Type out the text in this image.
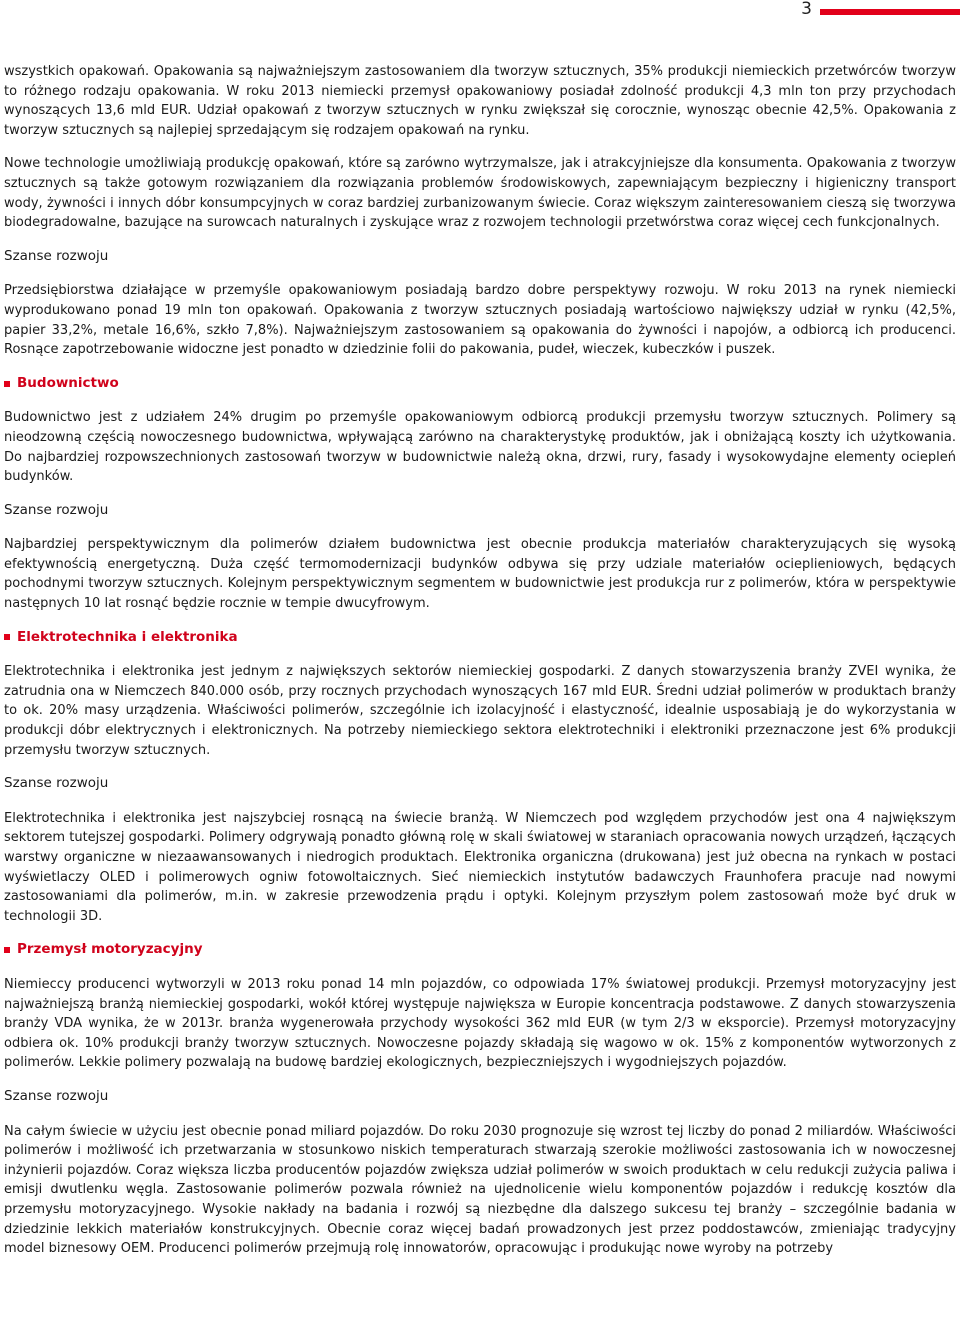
3

wszystkich opakowań. Opakowania są najważniejszym zastosowaniem dla tworzyw sztucznych, 35% produkcji niemieckich przetwórców tworzyw to różnego rodzaju opakowania. W roku 2013 niemiecki przemysł opakowaniowy posiadał zdolność produkcji 4,3 mln ton przy przychodach wynoszących 13,6 mld EUR. Udział opakowań z tworzyw sztucznych w rynku zwiększał się corocznie, wynosząc obecnie 42,5%. Opakowania z tworzyw sztucznych są najlepiej sprzedającym się rodzajem opakowań na rynku.

Nowe technologie umożliwiają produkcję opakowań, które są zarówno wytrzymalsze, jak i atrakcyjniejsze dla konsumenta. Opakowania z tworzyw sztucznych są także gotowym rozwiązaniem dla rozwiązania problemów środowiskowych, zapewniającym bezpieczny i higieniczny transport wody, żywności i innych dóbr konsumpcyjnych w coraz bardziej zurbanizowanym świecie. Coraz większym zainteresowaniem cieszą się tworzywa biodegradowalne, bazujące na surowcach naturalnych i zyskujące wraz z rozwojem technologii przetwórstwa coraz więcej cech funkcjonalnych.

Szanse rozwoju

Przedsiębiorstwa działające w przemyśle opakowaniowym posiadają bardzo dobre perspektywy rozwoju. W roku 2013 na rynek niemiecki wyprodukowano ponad 19 mln ton opakowań. Opakowania z tworzyw sztucznych posiadają wartościowo największy udział w rynku (42,5%, papier 33,2%, metale 16,6%, szkło 7,8%). Najważniejszym zastosowaniem są opakowania do żywności i napojów, a odbiorcą ich producenci. Rosnące zapotrzebowanie widoczne jest ponadto w dziedzinie folii do pakowania, pudeł, wieczek, kubeczków i puszek.

Budownictwo

Budownictwo jest z udziałem 24% drugim po przemyśle opakowaniowym odbiorcą produkcji przemysłu tworzyw sztucznych. Polimery są nieodzowną częścią nowoczesnego budownictwa, wpływającą zarówno na charakterystykę produktów, jak i obniżającą koszty ich użytkowania. Do najbardziej rozpowszechnionych zastosowań tworzyw w budownictwie należą okna, drzwi, rury, fasady i wysokowydajne elementy ociepleń budynków.

Szanse rozwoju

Najbardziej perspektywicznym dla polimerów działem budownictwa jest obecnie produkcja materiałów charakteryzujących się wysoką efektywnością energetyczną. Duża część termomodernizacji budynków odbywa się przy udziale materiałów ocieplieniowych, będących pochodnymi tworzyw sztucznych. Kolejnym perspektywicznym segmentem w budownictwie jest produkcja rur z polimerów, która w perspektywie następnych 10 lat rosnąć będzie rocznie w tempie dwucyfrowym.

Elektrotechnika i elektronika

Elektrotechnika i elektronika jest jednym z największych sektorów niemieckiej gospodarki. Z danych stowarzyszenia branży ZVEI wynika, że zatrudnia ona w Niemczech 840.000 osób, przy rocznych przychodach wynoszących 167 mld EUR. Średni udział polimerów w produktach branży to ok. 20% masy urządzenia. Właściwości polimerów, szczególnie ich izolacyjność i elastyczność, idealnie usposabiają je do wykorzystania w produkcji dóbr elektrycznych i elektronicznych. Na potrzeby niemieckiego sektora elektrotechniki i elektroniki przeznaczone jest 6% produkcji przemysłu tworzyw sztucznych.

Szanse rozwoju

Elektrotechnika i elektronika jest najszybciej rosnącą na świecie branżą. W Niemczech pod względem przychodów jest ona 4 największym sektorem tutejszej gospodarki. Polimery odgrywają ponadto główną rolę w skali światowej w staraniach opracowania nowych urządzeń, łączących warstwy organiczne w niezaawansowanych i niedrogich produktach. Elektronika organiczna (drukowana) jest już obecna na rynkach w postaci wyświetlaczy OLED i polimerowych ogniw fotowoltaicznych. Sieć niemieckich instytutów badawczych Fraunhofera pracuje nad nowymi zastosowaniami dla polimerów, m.in. w zakresie przewodzenia prądu i optyki. Kolejnym przyszłym polem zastosowań może być druk w technologii 3D.

Przemysł motoryzacyjny

Niemieccy producenci wytworzyli w 2013 roku ponad 14 mln pojazdów, co odpowiada 17% światowej produkcji. Przemysł motoryzacyjny jest najważniejszą branżą niemieckiej gospodarki, wokół której występuje największa w Europie koncentracja podstawowe. Z danych stowarzyszenia branży VDA wynika, że w 2013r. branża wygenerowała przychody wysokości 362 mld EUR (w tym 2/3 w eksporcie). Przemysł motoryzacyjny odbiera ok. 10% produkcji branży tworzyw sztucznych. Nowoczesne pojazdy składają się wagowo w ok. 15% z komponentów wytworzonych z polimerów. Lekkie polimery pozwalają na budowę bardziej ekologicznych, bezpieczniejszych i wygodniejszych pojazdów.

Szanse rozwoju

Na całym świecie w użyciu jest obecnie ponad miliard pojazdów. Do roku 2030 prognozuje się wzrost tej liczby do ponad 2 miliardów. Właściwości polimerów i możliwość ich przetwarzania w stosunkowo niskich temperaturach stwarzają szerokie możliwości zastosowania ich w nowoczesnej inżynierii pojazdów. Coraz większa liczba producentów pojazdów zwiększa udział polimerów w swoich produktach w celu redukcji zużycia paliwa i emisji dwutlenku węgla. Zastosowanie polimerów pozwala również na ujednolicenie wielu komponentów pojazdów i redukcję kosztów dla przemysłu motoryzacyjnego. Wysokie nakłady na badania i rozwój są niezbędne dla dalszego sukcesu tej branży – szczególnie badania w dziedzinie lekkich materiałów konstrukcyjnych. Obecnie coraz więcej badań prowadzonych jest przez poddostawców, zmieniając tradycyjny model biznesowy OEM. Producenci polimerów przejmują rolę innowatorów, opracowując i produkując nowe wyroby na potrzeby
